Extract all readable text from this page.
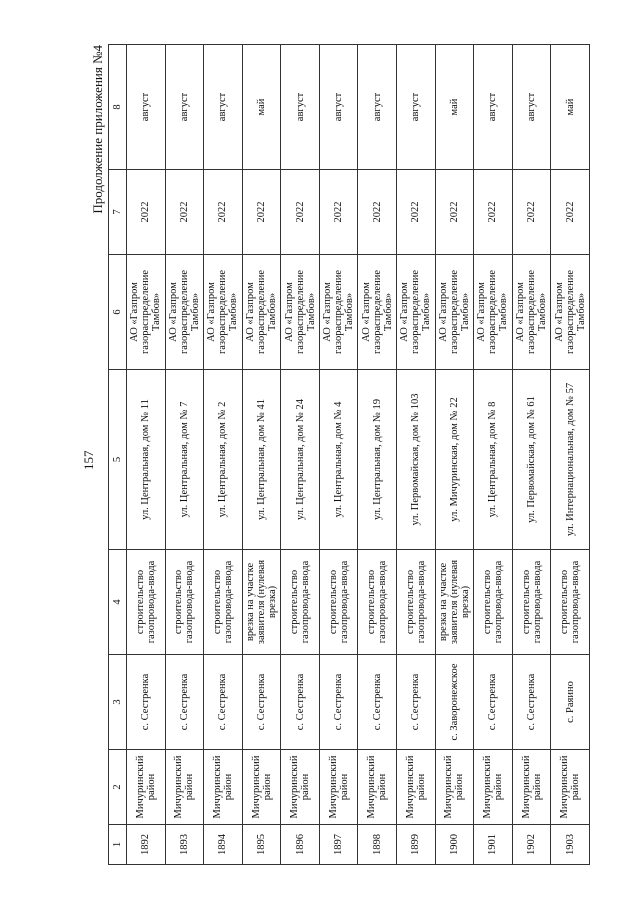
157
Продолжение приложения №4
1	2	3	4	5	6	7	8
1892	Мичуринский район	с. Сестренка	строительство газопровода-ввода	ул. Центральная, дом № 11	АО «Газпром газораспределение Тамбов»	2022	август
1893	Мичуринский район	с. Сестренка	строительство газопровода-ввода	ул. Центральная, дом № 7	АО «Газпром газораспределение Тамбов»	2022	август
1894	Мичуринский район	с. Сестренка	строительство газопровода-ввода	ул. Центральная, дом № 2	АО «Газпром газораспределение Тамбов»	2022	август
1895	Мичуринский район	с. Сестренка	врезка на участке заявителя (нулевая врезка)	ул. Центральная, дом № 41	АО «Газпром газораспределение Тамбов»	2022	май
1896	Мичуринский район	с. Сестренка	строительство газопровода-ввода	ул. Центральная, дом № 24	АО «Газпром газораспределение Тамбов»	2022	август
1897	Мичуринский район	с. Сестренка	строительство газопровода-ввода	ул. Центральная, дом № 4	АО «Газпром газораспределение Тамбов»	2022	август
1898	Мичуринский район	с. Сестренка	строительство газопровода-ввода	ул. Центральная, дом № 19	АО «Газпром газораспределение Тамбов»	2022	август
1899	Мичуринский район	с. Сестренка	строительство газопровода-ввода	ул. Первомайская, дом № 103	АО «Газпром газораспределение Тамбов»	2022	август
1900	Мичуринский район	с. Заворонежское	врезка на участке заявителя (нулевая врезка)	ул. Мичуринская, дом № 22	АО «Газпром газораспределение Тамбов»	2022	май
1901	Мичуринский район	с. Сестренка	строительство газопровода-ввода	ул. Центральная, дом № 8	АО «Газпром газораспределение Тамбов»	2022	август
1902	Мичуринский район	с. Сестренка	строительство газопровода-ввода	ул. Первомайская, дом № 61	АО «Газпром газораспределение Тамбов»	2022	август
1903	Мичуринский район	с. Раяино	строительство газопровода-ввода	ул. Интернациональная, дом № 57	АО «Газпром газораспределение Тамбов»	2022	май
